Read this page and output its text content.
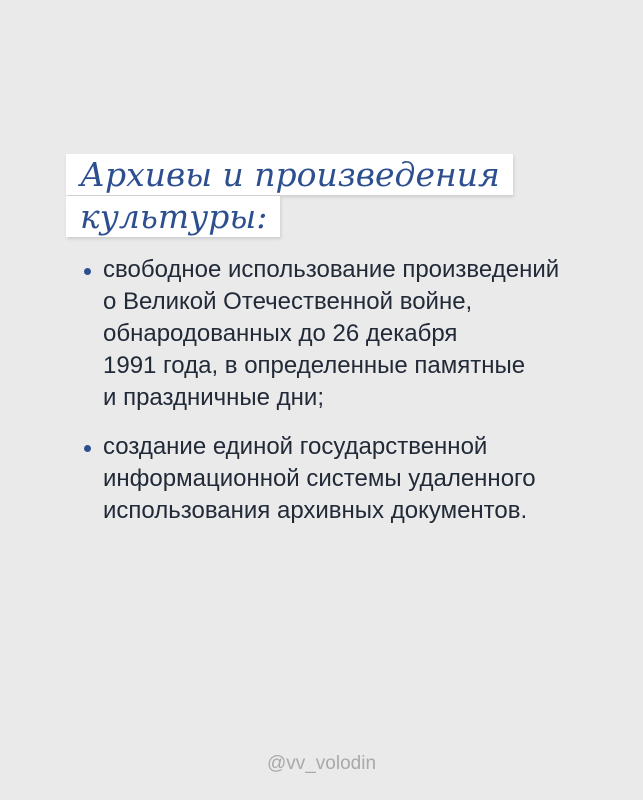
Архивы и произведения
культуры:
свободное использование произведений
о Великой Отечественной войне,
обнародованных до 26 декабря
1991 года, в определенные памятные
и праздничные дни;
создание единой государственной
информационной системы удаленного
использования архивных документов.
@vv_volodin
